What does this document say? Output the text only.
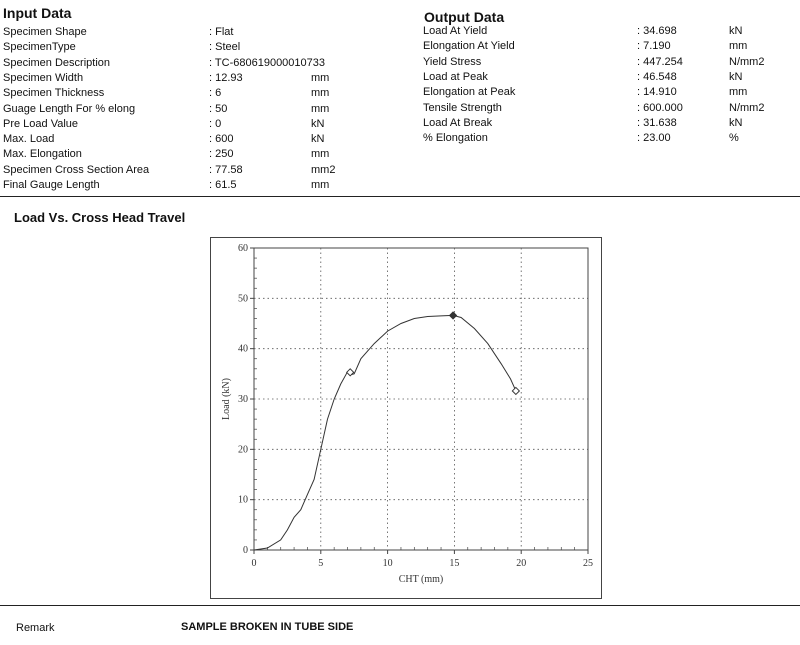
Input Data
Specimen Shape	: Flat
SpecimenType	: Steel
Specimen Description	: TC-680619000010733
Specimen Width	: 12.93	mm
Specimen Thickness	: 6	mm
Guage Length For % elong	: 50	mm
Pre Load Value	: 0	kN
Max. Load	: 600	kN
Max. Elongation	: 250	mm
Specimen Cross Section Area	: 77.58	mm2
Final Gauge Length	: 61.5	mm
Output Data
Load At Yield	: 34.698	kN
Elongation At Yield	: 7.190	mm
Yield Stress	: 447.254	N/mm2
Load at Peak	: 46.548	kN
Elongation at Peak	: 14.910	mm
Tensile Strength	: 600.000	N/mm2
Load At Break	: 31.638	kN
% Elongation	: 23.00	%
Load Vs. Cross Head Travel
0	5	10	15	20	25
0
10
20
30
40
50
60
CHT (mm)
Load (kN)
Remark	SAMPLE BROKEN IN TUBE SIDE
